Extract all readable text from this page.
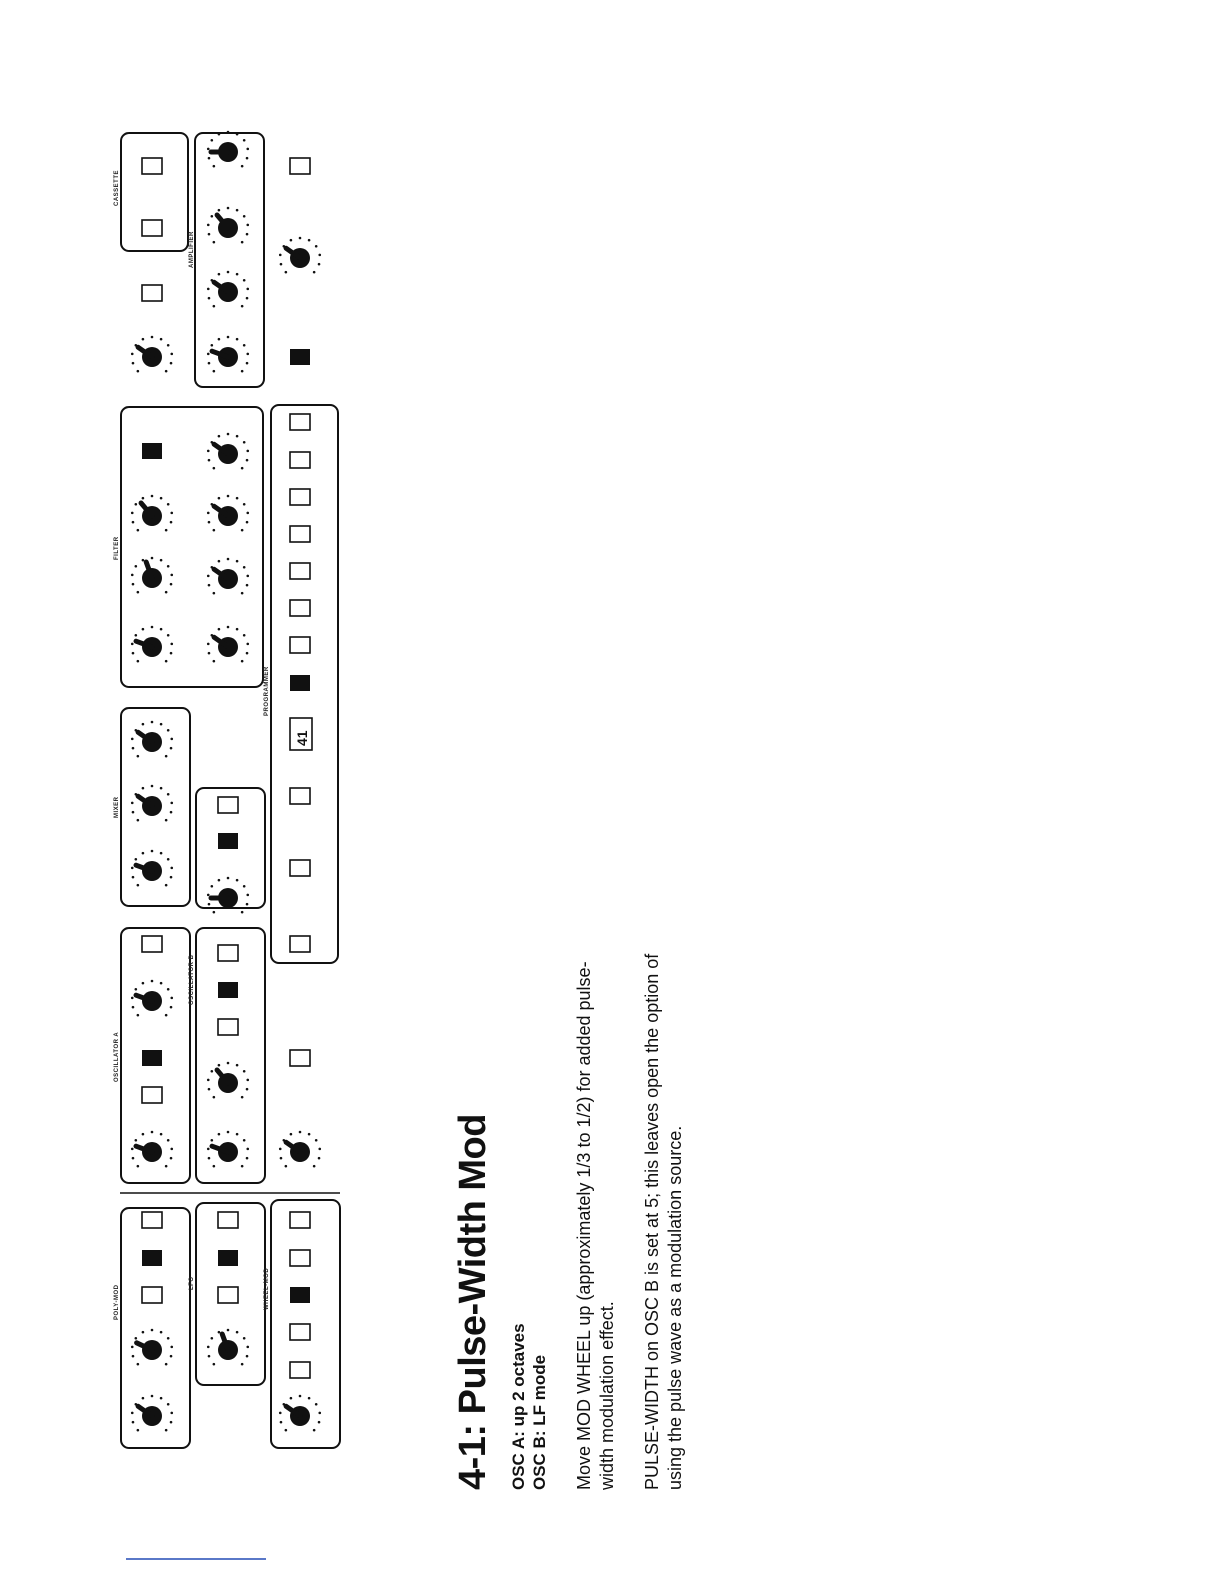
POLY-MOD
LFO	WHEEL-MOD
OSCILLATOR A
OSCILLATOR B
MIXER
FILTER
PROGRAMMER
AMPLIFIER
CASSETTE
41
4-1: Pulse-Width Mod OSC A: up 2 octaves OSC B: LF mode Move MOD WHEEL up (approximately 1/3 to 1/2) for added pulse- width modulation effect. PULSE-WIDTH on OSC B is set at 5; this leaves open the option of using the pulse wave as a modulation source.
